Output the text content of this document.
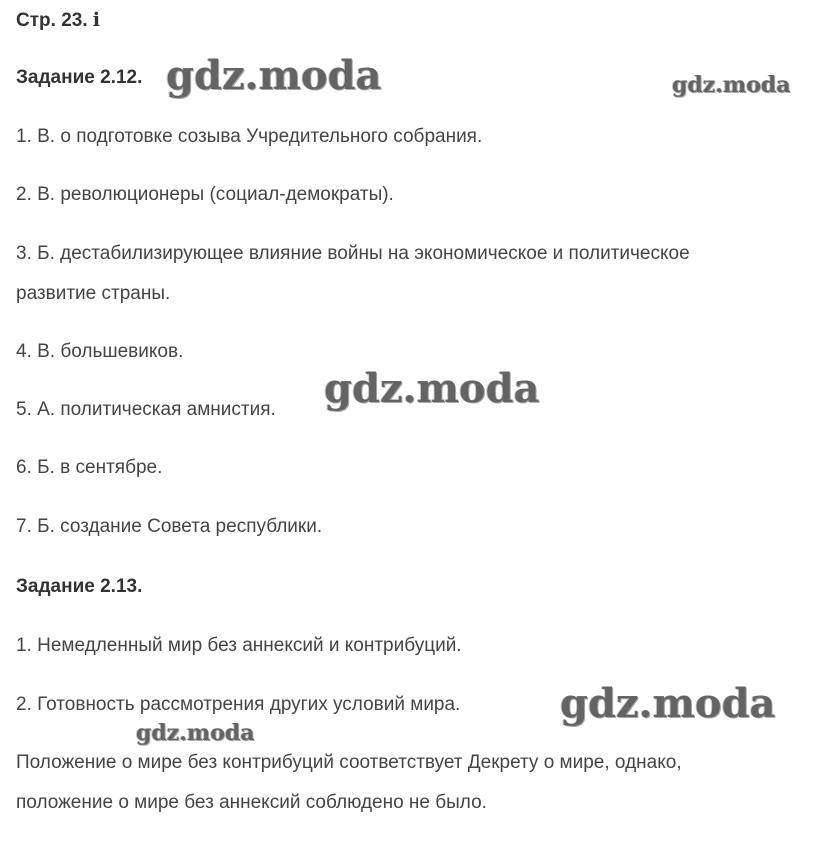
Стр. 23. ℹ
Задание 2.12.
1. В. о подготовке созыва Учредительного собрания.
2. В. революционеры (социал-демократы).
3. Б. дестабилизирующее влияние войны на экономическое и политическое
развитие страны.
4. В. большевиков.
5. А. политическая амнистия.
6. Б. в сентябре.
7. Б. создание Совета республики.
Задание 2.13.
1. Немедленный мир без аннексий и контрибуций.
2. Готовность рассмотрения других условий мира.
Положение о мире без контрибуций соответствует Декрету о мире, однако,
положение о мире без аннексий соблюдено не было.
gdz.moda	gdz.moda
gdz.moda
gdz.moda
gdz.moda
